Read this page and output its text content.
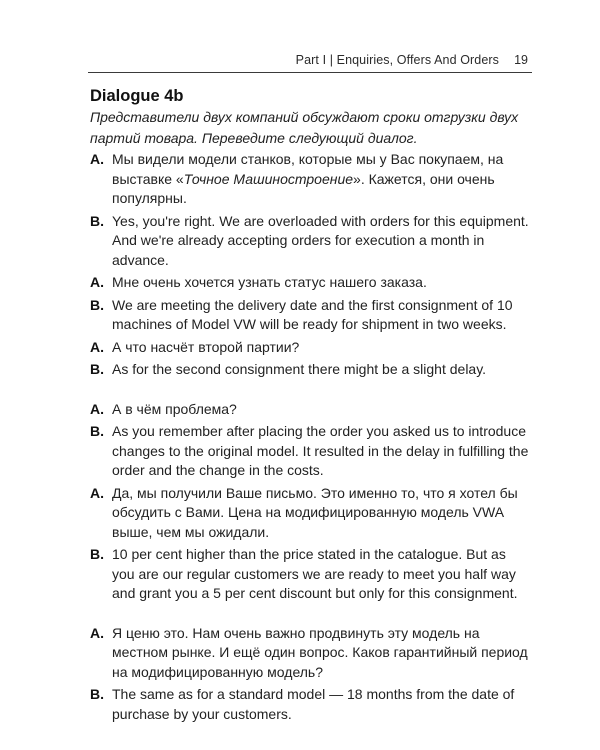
Part I | Enquiries, Offers And Orders 19
Dialogue 4b

Представители двух компаний обсуждают сроки отгрузки двух партий товара. Переведите следующий диалог.

A. Мы видели модели станков, которые мы у Вас покупаем, на выставке «Точное Машиностроение». Кажется, они очень популярны.
B. Yes, you're right. We are overloaded with orders for this equipment. And we're already accepting orders for execution a month in advance.
A. Мне очень хочется узнать статус нашего заказа.
B. We are meeting the delivery date and the first consignment of 10 machines of Model VW will be ready for shipment in two weeks.
A. А что насчёт второй партии?
B. As for the second consignment there might be a slight delay.
A. А в чём проблема?
B. As you remember after placing the order you asked us to introduce changes to the original model. It resulted in the delay in fulfilling the order and the change in the costs.
A. Да, мы получили Ваше письмо. Это именно то, что я хотел бы обсудить с Вами. Цена на модифицированную модель VWA выше, чем мы ожидали.
B. 10 per cent higher than the price stated in the catalogue. But as you are our regular customers we are ready to meet you half way and grant you a 5 per cent discount but only for this consignment.
A. Я ценю это. Нам очень важно продвинуть эту модель на местном рынке. И ещё один вопрос. Каков гарантийный период на модифицированную модель?
B. The same as for a standard model — 18 months from the date of purchase by your customers.
